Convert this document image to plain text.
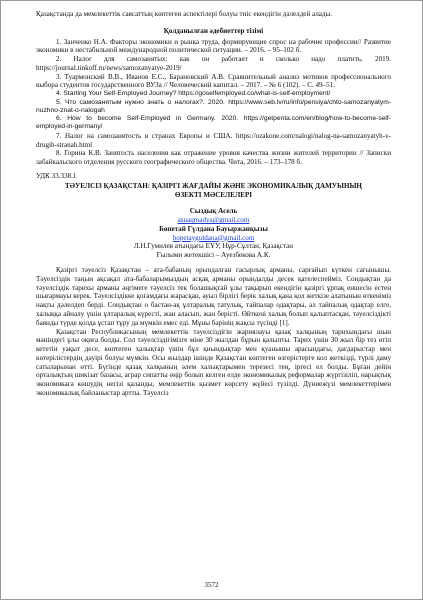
Қазақстанда да мемлекеттік саясаттың көптеген аспектілері болуы тиіс екендігін дәлелдей алады.

Қолданылған әдебиеттер тізімі

1. Занченко Н.А. Факторы экономики и рынка труда, формирующие спрос на рабочие профессии// Развитие экономики в нестабильной международной политической ситуации. – 2016. – 95–102 б.

2. Налог для самозанятых: как он работает и сколько надо платить. 2019. https://journal.tinkoff.ru/news/samozanyatye-2019/

3. Туармонский В.В., Иванов Е.С., Барановский А.В. Сравнительный анализ мотивов профессионального выбора студентов государственного ВУЗа // Человеческий капитал. – 2017. – № 6 (102). – С. 49–51.

4. Starting Your Self-Employed Journey? https://goselfemployed.co/what-is-self-employment/

5. Что самозанятым нужно знать о налогах?. 2020. https://www.seb.lv/ru/info/pensiya/chto-samozanyatym-nuzhno-znat-o-nalogah

6. How to become Self-Employed in Germany. 2020. https://getpenta.com/en/blog/how-to-become-self-employed-in-germany/

7. Налог на самозанятость в странах Европы и США. https://ozakone.com/nalogi/nalog-na-samozanyatyh-v-drugih-stranah.html

8. Горина К.В. Занятость населения как отражение уровня качества жизни жителей территории // Записки забайкальского отделения русского географического общества. Чита, 2016. – 173–178 б.

УДК 33.338.1

ТӘУЕЛСІЗ ҚАЗАҚСТАН: ҚАЗІРГІ ЖАҒДАЙЫ ЖӘНЕ ЭКОНОМИКАЛЫҚ ДАМУЫНЫҢ ӨЗЕКТІ МӘСЕЛЕЛЕРІ
Сыздық Асель
asuaqmadya@gmail.com
Бөпетай Гүлдана Бауыржанқызы
bopetayguldana@gmail.com
Л.Н.Гумилев атындағы ЕҰУ, Нұр-Сұлтан, Қазақстан
Ғылыми жетекшісі – Ауезбекова А.К.

Қазіргі тәуелсіз Қазақстан – ата-бабаның орындалған ғасырлық арманы, сарғайып күткен сағынышы. Тәуелсіздік таңын ақсақал ата-бабаларымыздың асқақ арманы орындалды десек қателеспейміз. Сондықтан да тәуелсіздік тарихы арманы әңгімеге тәуелсіз тек болашықтай ұлы тақырып екендігін қазіргі ұрпақ еншесін естен шығармауы керек. Тәуелсіздікке қоғамдағы жарасқан, ауыл бірлігі берік халық қана қол жеткізе алатынын өткеніміз нақты дәлелдеп берді. Сондықтан о бастан-ақ ұлтаралық татулық, тайпалар одақтары, ал тайпалық одақтар елге, халыққа айналу үшін ұлтаралық күресті, жан аласып, жан берісті. Өйткені халық болып қалыптасқан, тәуелсіздікті баянды түрде қолда ұстап тұру да мүмкін емес еді. Мұны бәрінің жақсы түсінді [1].

Қазақстан Республикасының мемлекеттік тәуелсіздігін жариялауы қазақ халқының тарихындағы шын мәніндегі ұлы оқиға болды. Сол тәуелсіздігімізге міне 30 жылдан бұрын қалыпты. Тарих үшін 30 жыл бір тез өтіп кететін уақыт десе, көптеген халықтар үшін бұл қиындықтар мен қуанышы арасындағы, дағдарыстар мен көтерілістердің дәуірі болуы мүмкін. Осы жылдар ішінде Қазақстан көптеген өзгерістерге кол жеткізді, түрлі даму сатыларынан өтті. Бүгінде қазақ халқының әлем халықтарымен терезесі тең, іргесі ел болды. Бұған дейін орталықтың шикізат базасы, аграр сипатты өңір болып келген елде экономикалық реформалар жүргізіліп, нарықтық экономикаға көшудің негізі қаланды, мемлекеттік қызмет көрсету жүйесі түзілді. Дүниежүзі мемлекеттерімен экономикалық байланыстар артты. Тәуелсіз

3572
